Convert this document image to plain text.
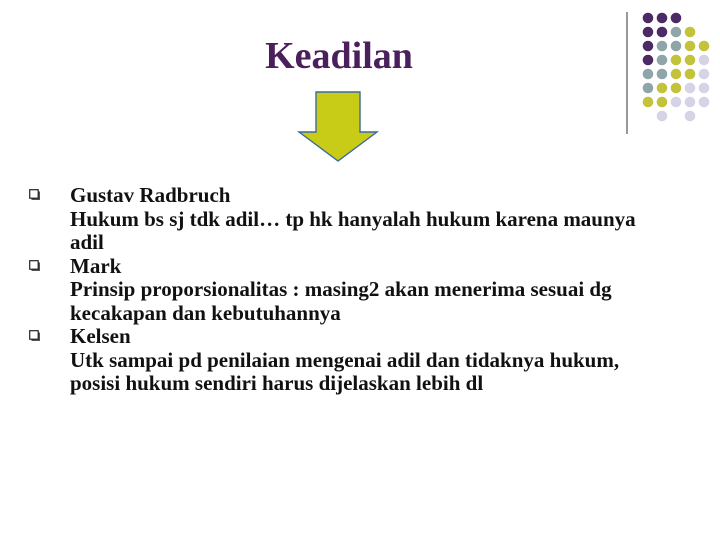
Keadilan
Gustav Radbruch
Hukum bs sj tdk adil… tp hk hanyalah hukum karena maunya adil
Mark
Prinsip proporsionalitas : masing2 akan menerima sesuai dg kecakapan dan kebutuhannya
Kelsen
Utk sampai pd penilaian mengenai adil dan tidaknya hukum, posisi hukum sendiri harus dijelaskan lebih dl
